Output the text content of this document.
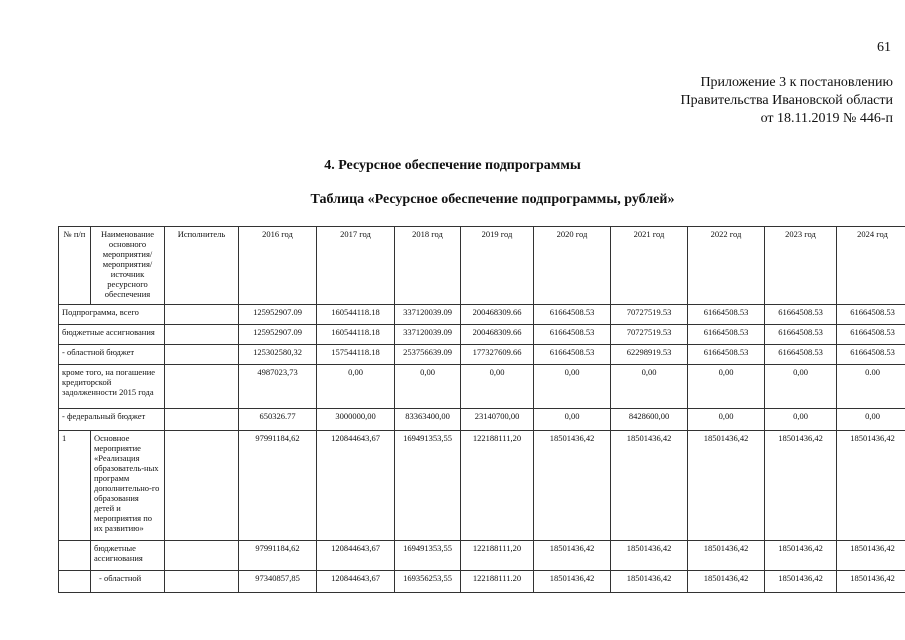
61
Приложение 3 к постановлению
Правительства Ивановской области
от 18.11.2019 № 446-п
4. Ресурсное обеспечение подпрограммы
Таблица «Ресурсное обеспечение подпрограммы, рублей»
№ п/п	Наименование основного мероприятия/ мероприятия/ источник ресурсного обеспечения	Исполнитель	2016 год	2017 год	2018 год	2019 год	2020 год	2021 год	2022 год	2023 год	2024 год
Подпрограмма, всего			125952907.09	160544118.18	337120039.09	200468309.66	61664508.53	70727519.53	61664508.53	61664508.53	61664508.53
бюджетные ассигнования			125952907.09	160544118.18	337120039.09	200468309.66	61664508.53	70727519.53	61664508.53	61664508.53	61664508.53
- областной бюджет			125302580,32	157544118.18	253756639.09	177327609.66	61664508.53	62298919.53	61664508.53	61664508.53	61664508.53
кроме того, на погашение кредиторской задолженности 2015 года			4987023,73	0,00	0,00	0,00	0,00	0,00	0,00	0,00	0.00
- федеральный бюджет			650326.77	3000000,00	83363400,00	23140700,00	0,00	8428600,00	0,00	0,00	0,00
1	Основное мероприятие «Реализация образователь-ных программ дополнительно-го образования детей и мероприятия по их развитию»		97991184,62	120844643,67	169491353,55	122188111,20	18501436,42	18501436,42	18501436,42	18501436,42	18501436,42
	бюджетные ассигнования		97991184,62	120844643,67	169491353,55	122188111,20	18501436,42	18501436,42	18501436,42	18501436,42	18501436,42
	- областной		97340857,85	120844643,67	169356253,55	122188111.20	18501436,42	18501436,42	18501436,42	18501436,42	18501436,42
